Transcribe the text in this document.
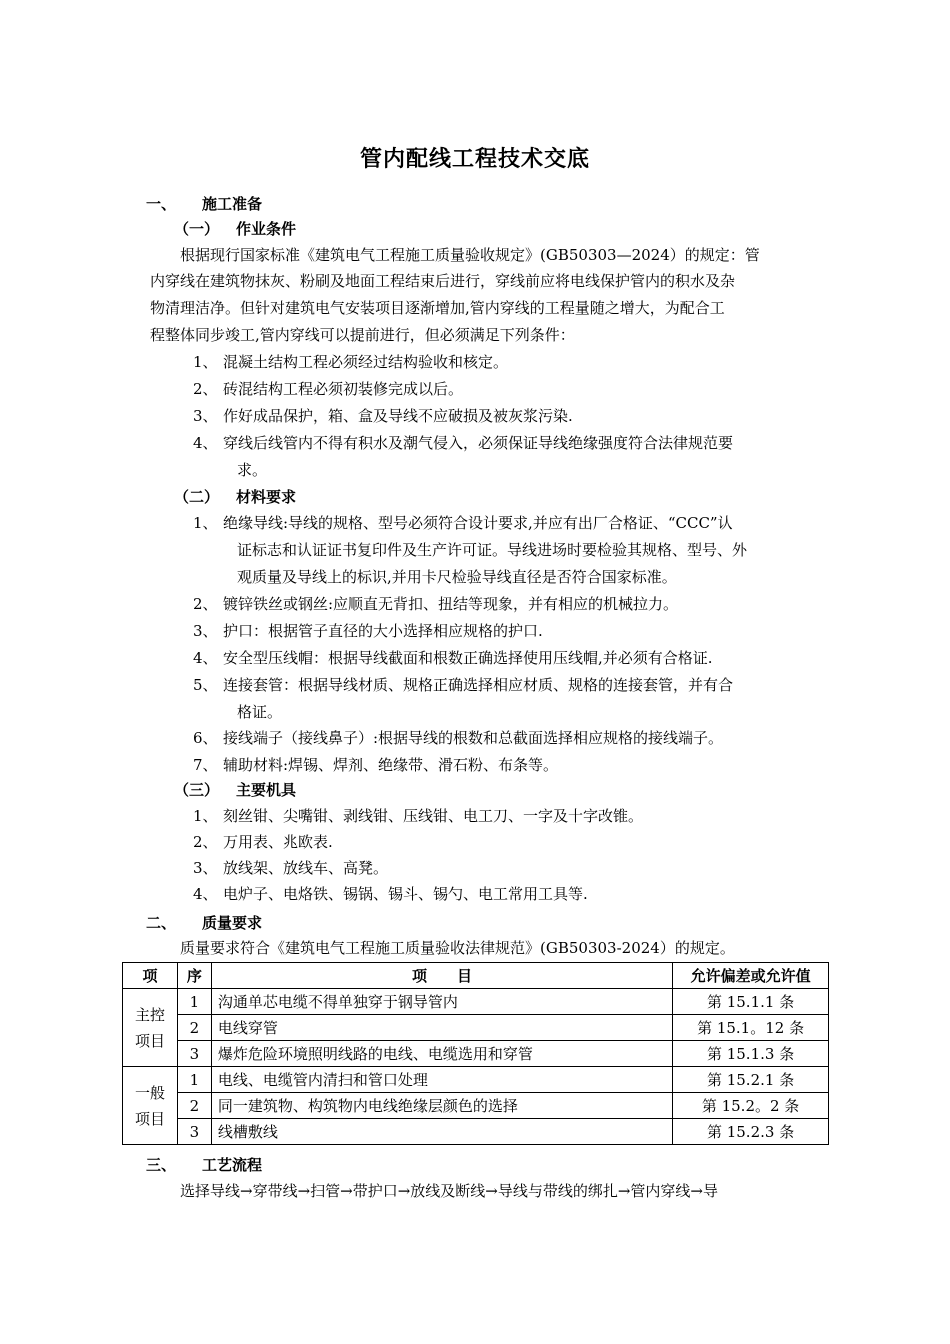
管内配线工程技术交底
一、 施工准备
（一） 作业条件
根据现行国家标准《建筑电气工程施工质量验收规定》(GB50303—2024）的规定：管
内穿线在建筑物抹灰、粉刷及地面工程结束后进行，穿线前应将电线保护管内的积水及杂
物清理洁净。但针对建筑电气安装项目逐渐增加,管内穿线的工程量随之增大，为配合工
程整体同步竣工,管内穿线可以提前进行，但必须满足下列条件：
1、 混凝土结构工程必须经过结构验收和核定。
2、 砖混结构工程必须初装修完成以后。
3、 作好成品保护，箱、盒及导线不应破损及被灰浆污染.
4、 穿线后线管内不得有积水及潮气侵入，必须保证导线绝缘强度符合法律规范要
求。
（二） 材料要求
1、 绝缘导线:导线的规格、型号必须符合设计要求,并应有出厂合格证、“CCC”认
证标志和认证证书复印件及生产许可证。导线进场时要检验其规格、型号、外
观质量及导线上的标识,并用卡尺检验导线直径是否符合国家标准。
2、 镀锌铁丝或钢丝:应顺直无背扣、扭结等现象，并有相应的机械拉力。
3、 护口：根据管子直径的大小选择相应规格的护口.
4、 安全型压线帽：根据导线截面和根数正确选择使用压线帽,并必须有合格证.
5、 连接套管：根据导线材质、规格正确选择相应材质、规格的连接套管，并有合
格证。
6、 接线端子（接线鼻子）:根据导线的根数和总截面选择相应规格的接线端子。
7、 辅助材料:焊锡、焊剂、绝缘带、滑石粉、布条等。
（三） 主要机具
1、 刻丝钳、尖嘴钳、剥线钳、压线钳、电工刀、一字及十字改锥。
2、 万用表、兆欧表.
3、 放线架、放线车、高凳。
4、 电炉子、电烙铁、锡锅、锡斗、锡勺、电工常用工具等.
二、 质量要求
质量要求符合《建筑电气工程施工质量验收法律规范》(GB50303-2024）的规定。
项	序	项　　目	允许偏差或允许值
主控
项目	1	沟通单芯电缆不得单独穿于钢导管内	第 15.1.1 条
	2	电线穿管	第 15.1。12 条
	3	爆炸危险环境照明线路的电线、电缆选用和穿管	第 15.1.3 条
一般
项目	1	电线、电缆管内清扫和管口处理	第 15.2.1 条
	2	同一建筑物、构筑物内电线绝缘层颜色的选择	第 15.2。2 条
	3	线槽敷线	第 15.2.3 条
三、 工艺流程
选择导线→穿带线→扫管→带护口→放线及断线→导线与带线的绑扎→管内穿线→导
